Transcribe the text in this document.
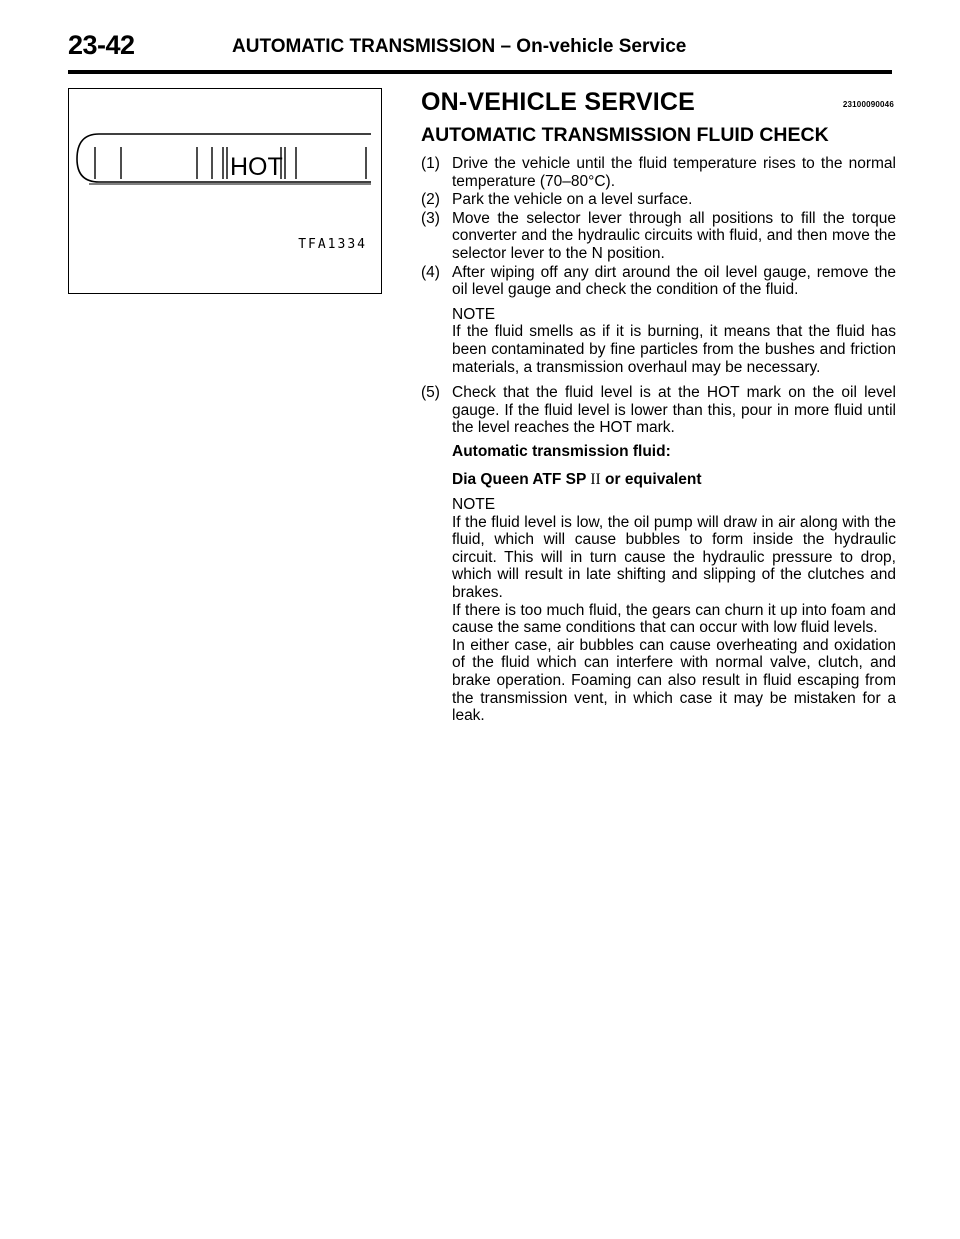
23-42	AUTOMATIC TRANSMISSION – On-vehicle Service
HOT
TFA1334
ON-VEHICLE SERVICE	23100090046
AUTOMATIC TRANSMISSION FLUID CHECK
(1) Drive the vehicle until the fluid temperature rises to the normal temperature (70–80°C).
(2) Park the vehicle on a level surface.
(3) Move the selector lever through all positions to fill the torque converter and the hydraulic circuits with fluid, and then move the selector lever to the N position.
(4) After wiping off any dirt around the oil level gauge, remove the oil level gauge and check the condition of the fluid.
NOTE
If the fluid smells as if it is burning, it means that the fluid has been contaminated by fine particles from the bushes and friction materials, a transmission overhaul may be necessary.
(5) Check that the fluid level is at the HOT mark on the oil level gauge. If the fluid level is lower than this, pour in more fluid until the level reaches the HOT mark.
Automatic transmission fluid:
Dia Queen ATF SP II or equivalent
NOTE
If the fluid level is low, the oil pump will draw in air along with the fluid, which will cause bubbles to form inside the hydraulic circuit. This will in turn cause the hydraulic pressure to drop, which will result in late shifting and slipping of the clutches and brakes.
If there is too much fluid, the gears can churn it up into foam and cause the same conditions that can occur with low fluid levels.
In either case, air bubbles can cause overheating and oxidation of the fluid which can interfere with normal valve, clutch, and brake operation. Foaming can also result in fluid escaping from the transmission vent, in which case it may be mistaken for a leak.
